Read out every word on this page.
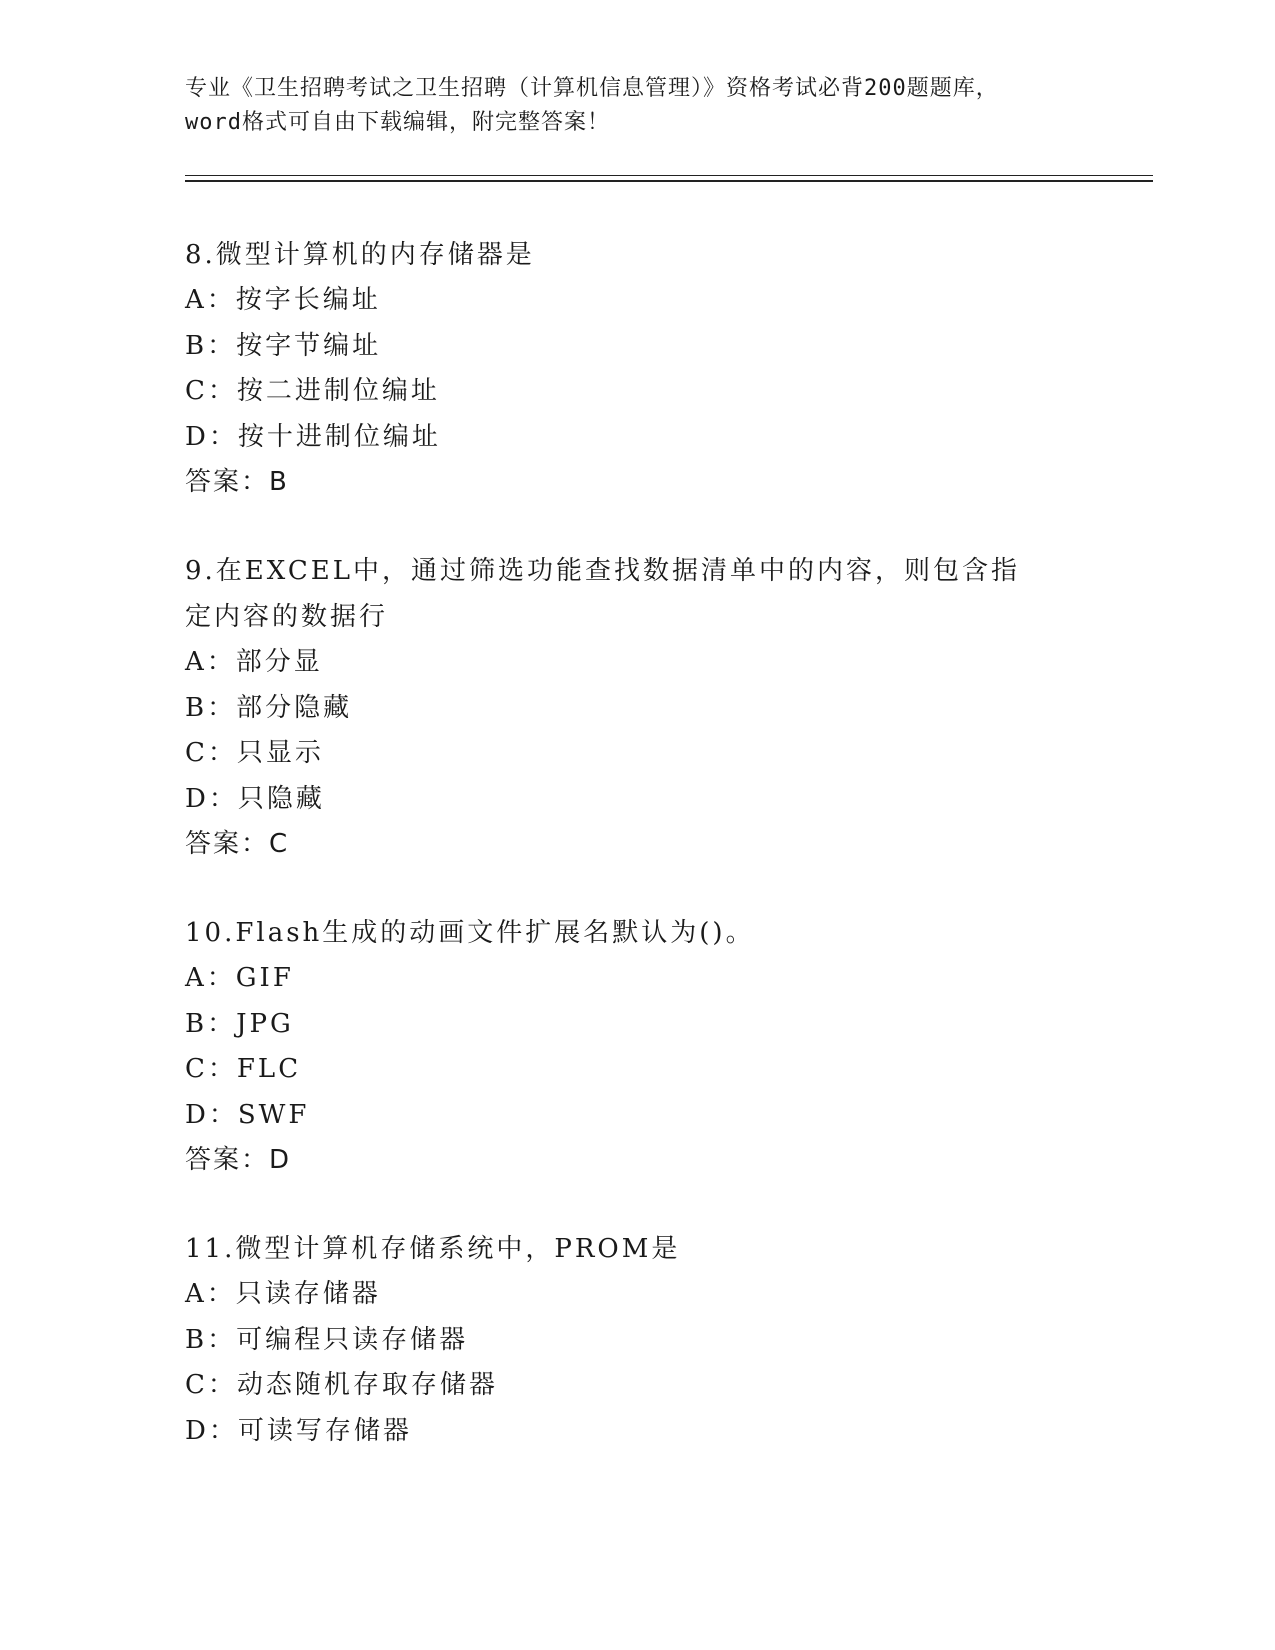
专业《卫生招聘考试之卫生招聘（计算机信息管理）》资格考试必背200题题库，
word格式可自由下载编辑，附完整答案！

8.微型计算机的内存储器是

A：按字长编址

B：按字节编址

C：按二进制位编址

D：按十进制位编址

答案：B

9.在EXCEL中，通过筛选功能查找数据清单中的内容，则包含指定内容的数据行

A：部分显

B：部分隐藏

C：只显示

D：只隐藏

答案：C

10.Flash生成的动画文件扩展名默认为()。

A：GIF

B：JPG

C：FLC

D：SWF

答案：D

11.微型计算机存储系统中，PROM是

A：只读存储器

B：可编程只读存储器

C：动态随机存取存储器

D：可读写存储器
